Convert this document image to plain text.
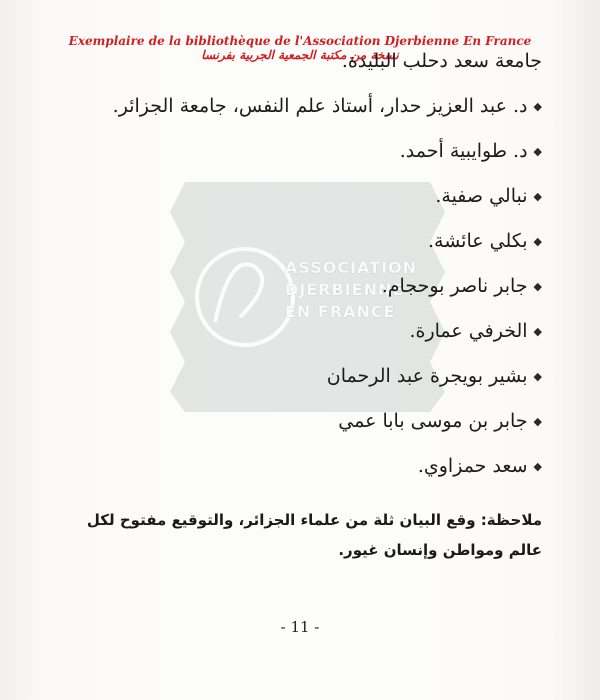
ASSOCIATION
DJERBIENNE
EN FRANCE
Exemplaire de la bibliothèque de l'Association Djerbienne En France
نسخة من مكتبة الجمعية الجربية بفرنسا
جامعة سعد دحلب البليدة.
◆
د. عبد العزيز حدار، أستاذ علم النفس، جامعة الجزائر.
◆
د. طوايبية أحمد.
◆
نبالي صفية.
◆
بكلي عائشة.
◆
جابر ناصر بوحجام.
◆
الخرفي عمارة.
◆
بشير بويجرة عبد الرحمان
◆
جابر بن موسى بابا عمي
◆
سعد حمزاوي.
ملاحظة: وقع البيان ثلة من علماء الجزائر، والتوقيع مفتوح لكل عالم ومواطن وإنسان غيور.
- 11 -
